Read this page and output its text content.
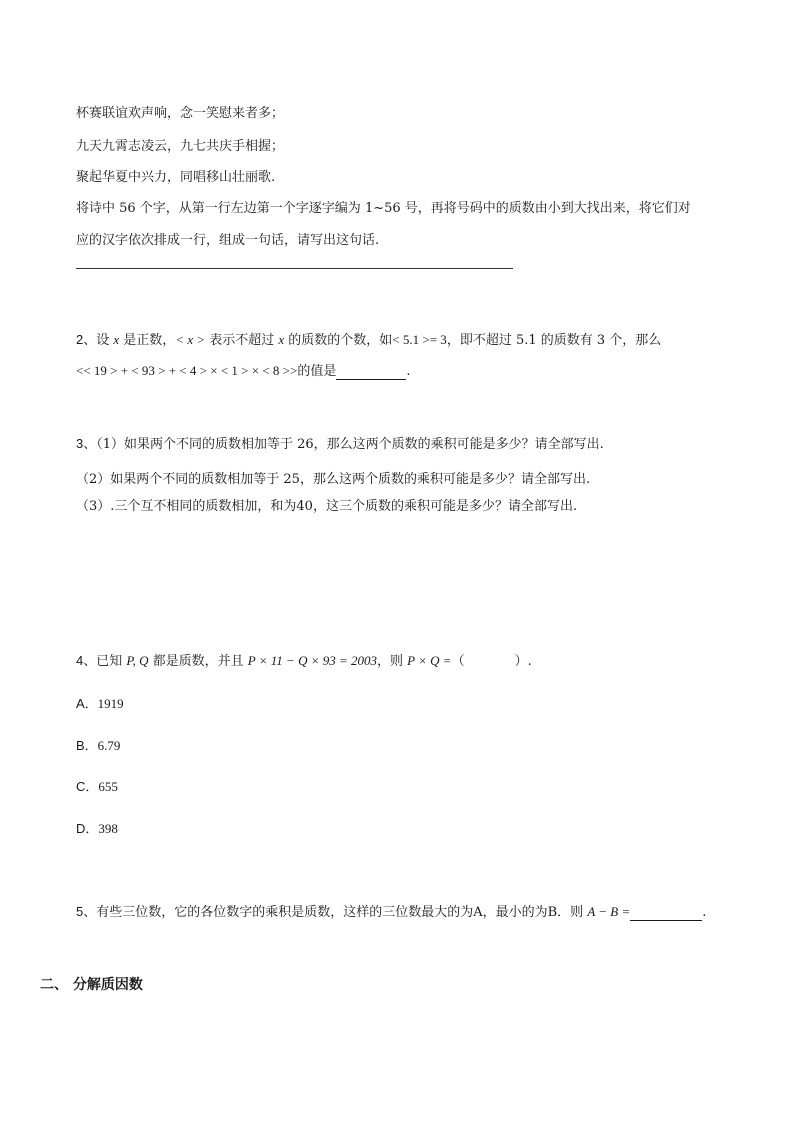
杯赛联谊欢声响，念一笑慰来者多；
九天九霄志凌云，九七共庆手相握；
聚起华夏中兴力，同唱移山壮丽歌.
将诗中 56 个字，从第一行左边第一个字逐字编为 1~56 号，再将号码中的质数由小到大找出来，将它们对
应的汉字依次排成一行，组成一句话，请写出这句话.
2、设 x 是正数，< x > 表示不超过 x 的质数的个数，如< 5.1 >= 3，即不超过 5.1 的质数有 3 个，那么
<< 19 > + < 93 > + < 4 > × < 1 > × < 8 >>的值是	.
3、（1）如果两个不同的质数相加等于 26，那么这两个质数的乘积可能是多少？请全部写出.
（2）如果两个不同的质数相加等于 25，那么这两个质数的乘积可能是多少？请全部写出.
（3）.三个互不相同的质数相加，和为40，这三个质数的乘积可能是多少？请全部写出.
4、已知 P, Q 都是质数，并且 P × 11 − Q × 93 = 2003，则 P × Q =（	）.
A．1919
B．6.79
C．655
D．398
5、有些三位数，它的各位数字的乘积是质数，这样的三位数最大的为A，最小的为B．则 A − B =	.
二、 分解质因数
